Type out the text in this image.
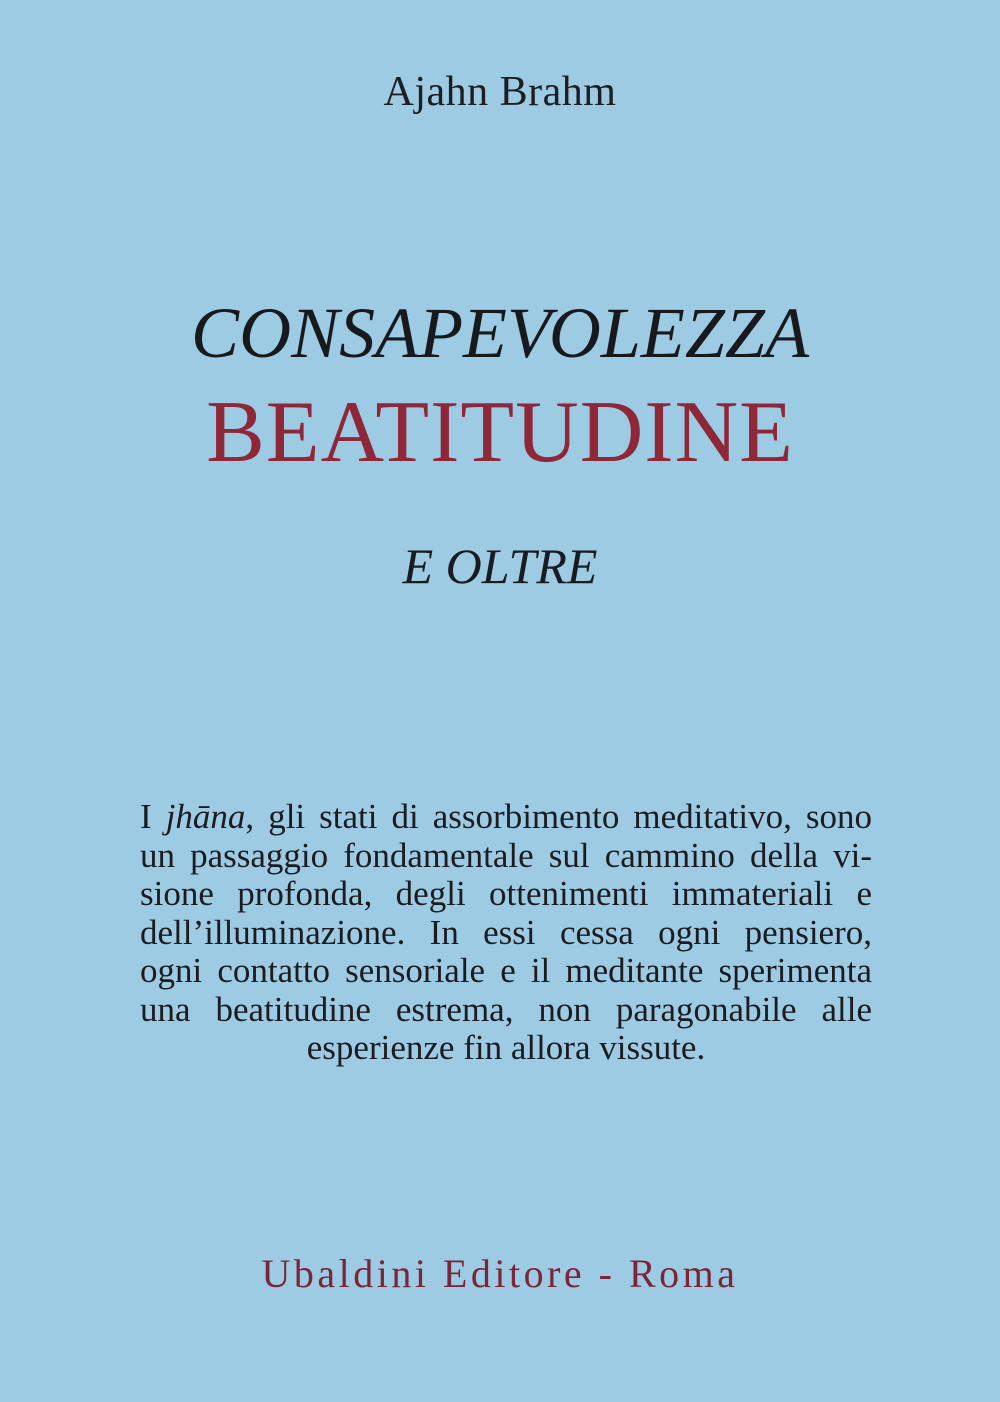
Ajahn Brahm
CONSAPEVOLEZZA
BEATITUDINE
E OLTRE
I jhāna, gli stati di assorbimento meditativo, sono
un passaggio fondamentale sul cammino della vi-
sione profonda, degli ottenimenti immateriali e
dell’illuminazione. In essi cessa ogni pensiero,
ogni contatto sensoriale e il meditante sperimenta
una beatitudine estrema, non paragonabile alle
esperienze fin allora vissute.
Ubaldini Editore - Roma
